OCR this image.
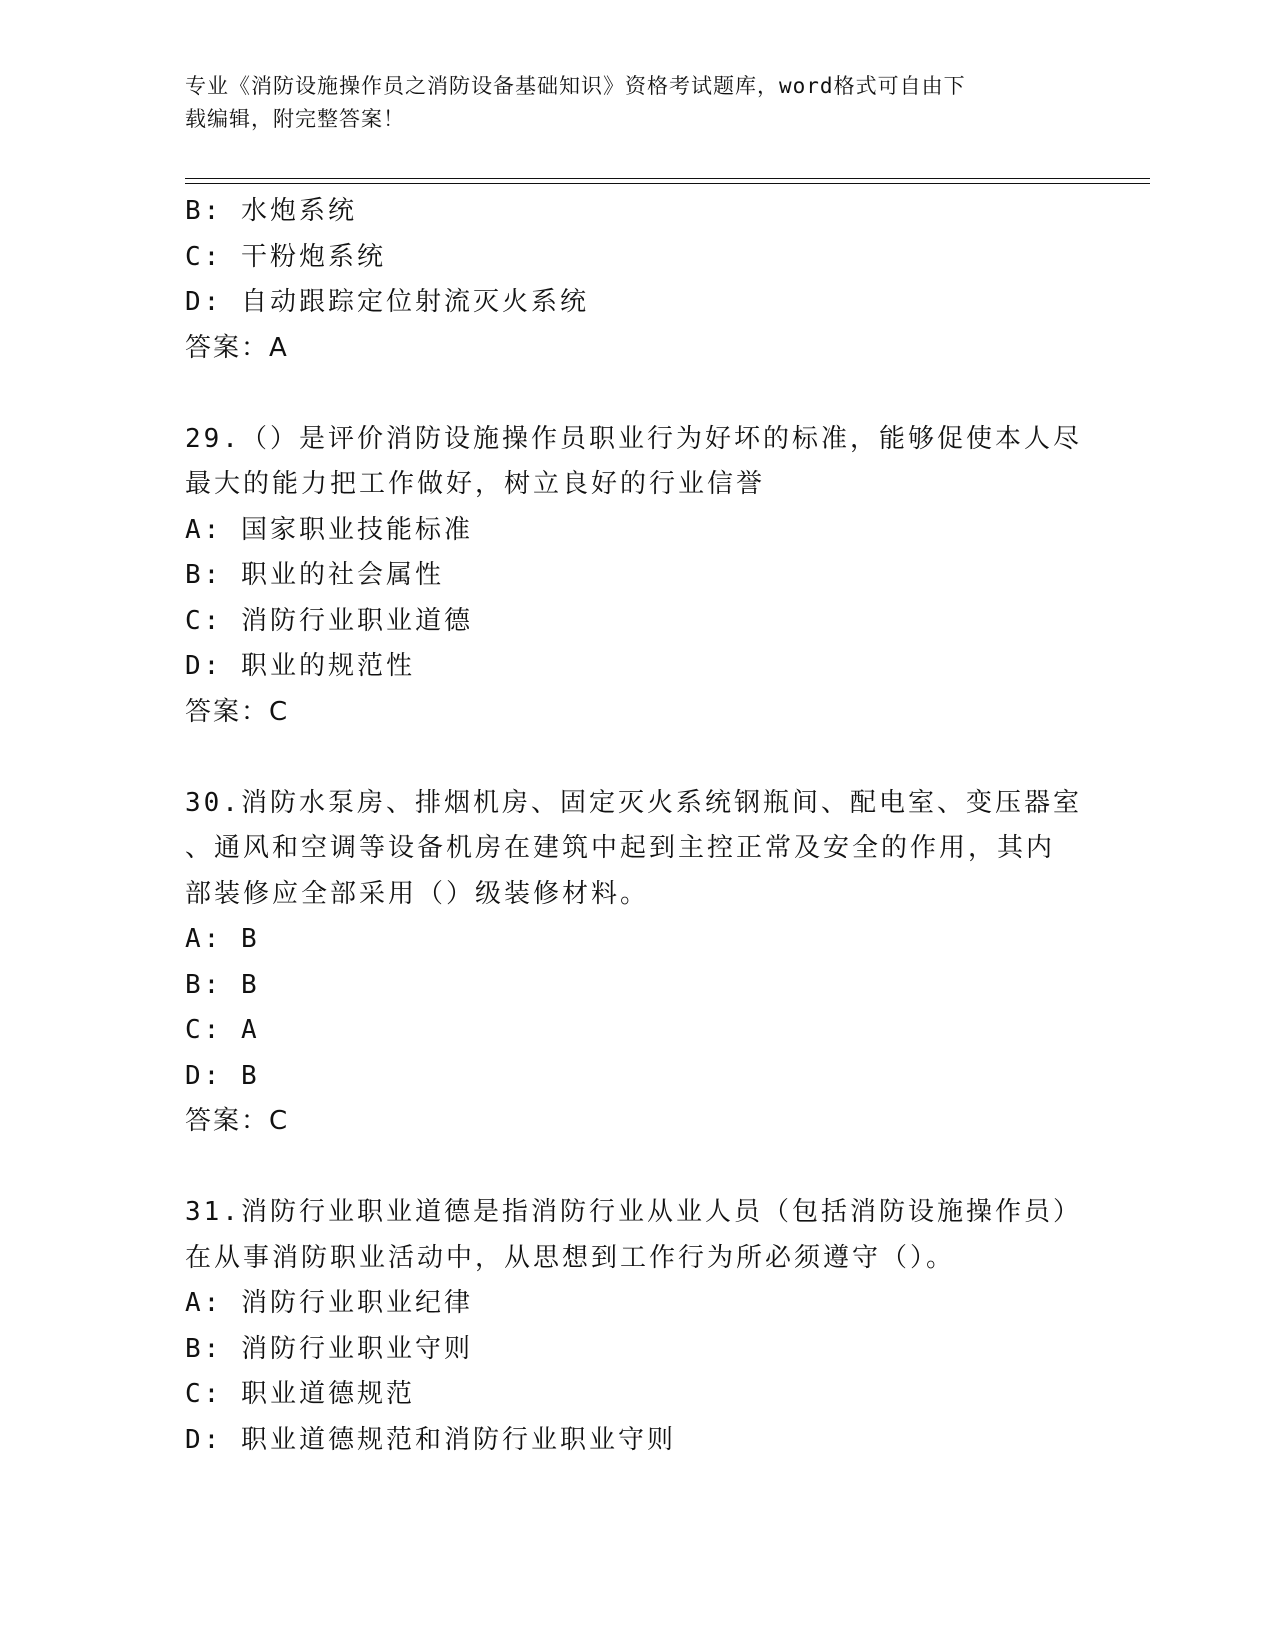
专业《消防设施操作员之消防设备基础知识》资格考试题库，word格式可自由下
载编辑，附完整答案！
B: 水炮系统
C: 干粉炮系统
D: 自动跟踪定位射流灭火系统
答案：A
29.（）是评价消防设施操作员职业行为好坏的标准，能够促使本人尽
最大的能力把工作做好，树立良好的行业信誉
A: 国家职业技能标准
B: 职业的社会属性
C: 消防行业职业道德
D: 职业的规范性
答案：C
30.消防水泵房、排烟机房、固定灭火系统钢瓶间、配电室、变压器室
、通风和空调等设备机房在建筑中起到主控正常及安全的作用，其内
部装修应全部采用（）级装修材料。
A: B
B: B
C: A
D: B
答案：C
31.消防行业职业道德是指消防行业从业人员（包括消防设施操作员）
在从事消防职业活动中，从思想到工作行为所必须遵守（）。
A: 消防行业职业纪律
B: 消防行业职业守则
C: 职业道德规范
D: 职业道德规范和消防行业职业守则
